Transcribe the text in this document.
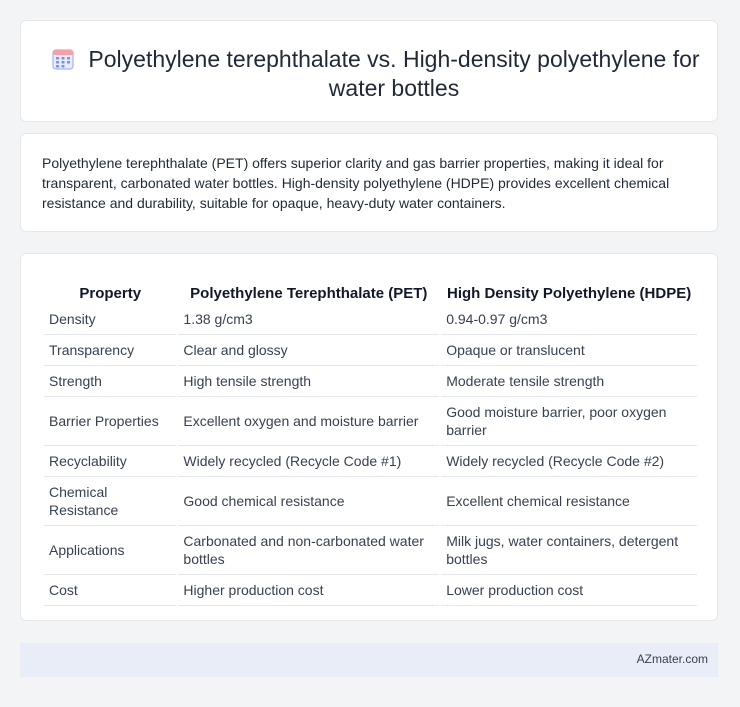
Polyethylene terephthalate vs. High-density polyethylene for water bottles
Polyethylene terephthalate (PET) offers superior clarity and gas barrier properties, making it ideal for transparent, carbonated water bottles. High-density polyethylene (HDPE) provides excellent chemical resistance and durability, suitable for opaque, heavy-duty water containers.
Property	Polyethylene Terephthalate (PET)	High Density Polyethylene (HDPE)
Density	1.38 g/cm3	0.94-0.97 g/cm3
Transparency	Clear and glossy	Opaque or translucent
Strength	High tensile strength	Moderate tensile strength
Barrier Properties	Excellent oxygen and moisture barrier	Good moisture barrier, poor oxygen barrier
Recyclability	Widely recycled (Recycle Code #1)	Widely recycled (Recycle Code #2)
Chemical Resistance	Good chemical resistance	Excellent chemical resistance
Applications	Carbonated and non-carbonated water bottles	Milk jugs, water containers, detergent bottles
Cost	Higher production cost	Lower production cost
AZmater.com
